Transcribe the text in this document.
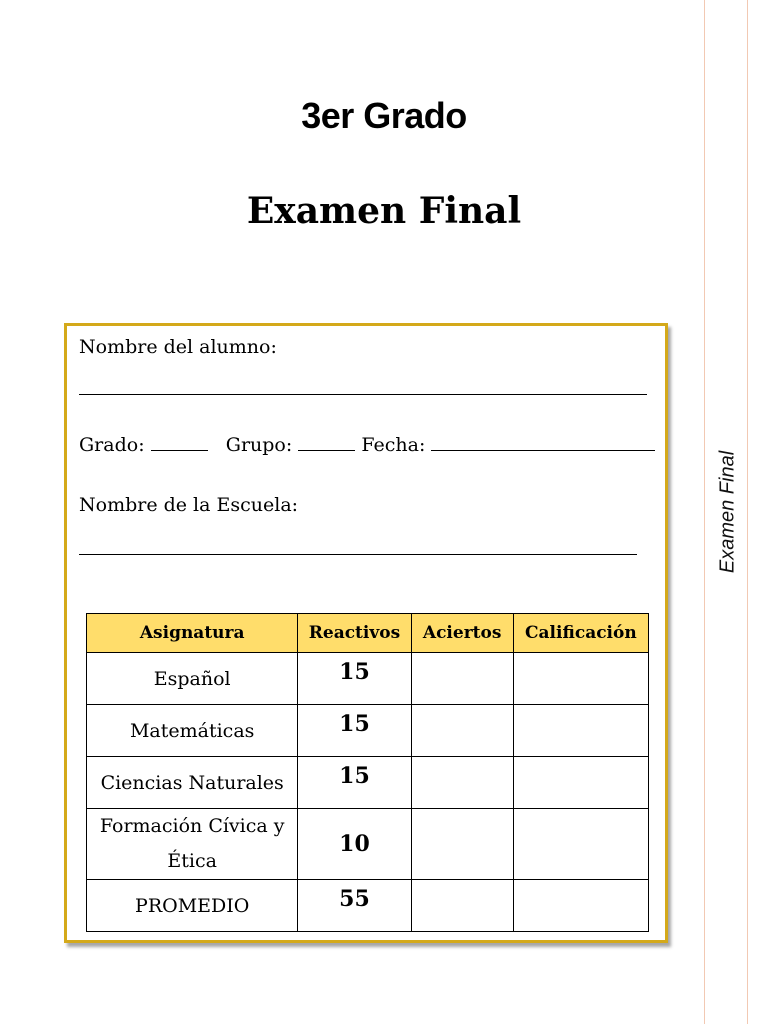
Examen Final
3er Grado
Examen Final
Nombre del alumno:
Grado:	Grupo:	Fecha:
Nombre de la Escuela:
Asignatura	Reactivos	Aciertos	Calificación
Español	15		
Matemáticas	15		
Ciencias Naturales	15		
Formación Cívica y Ética	10		
PROMEDIO	55		
